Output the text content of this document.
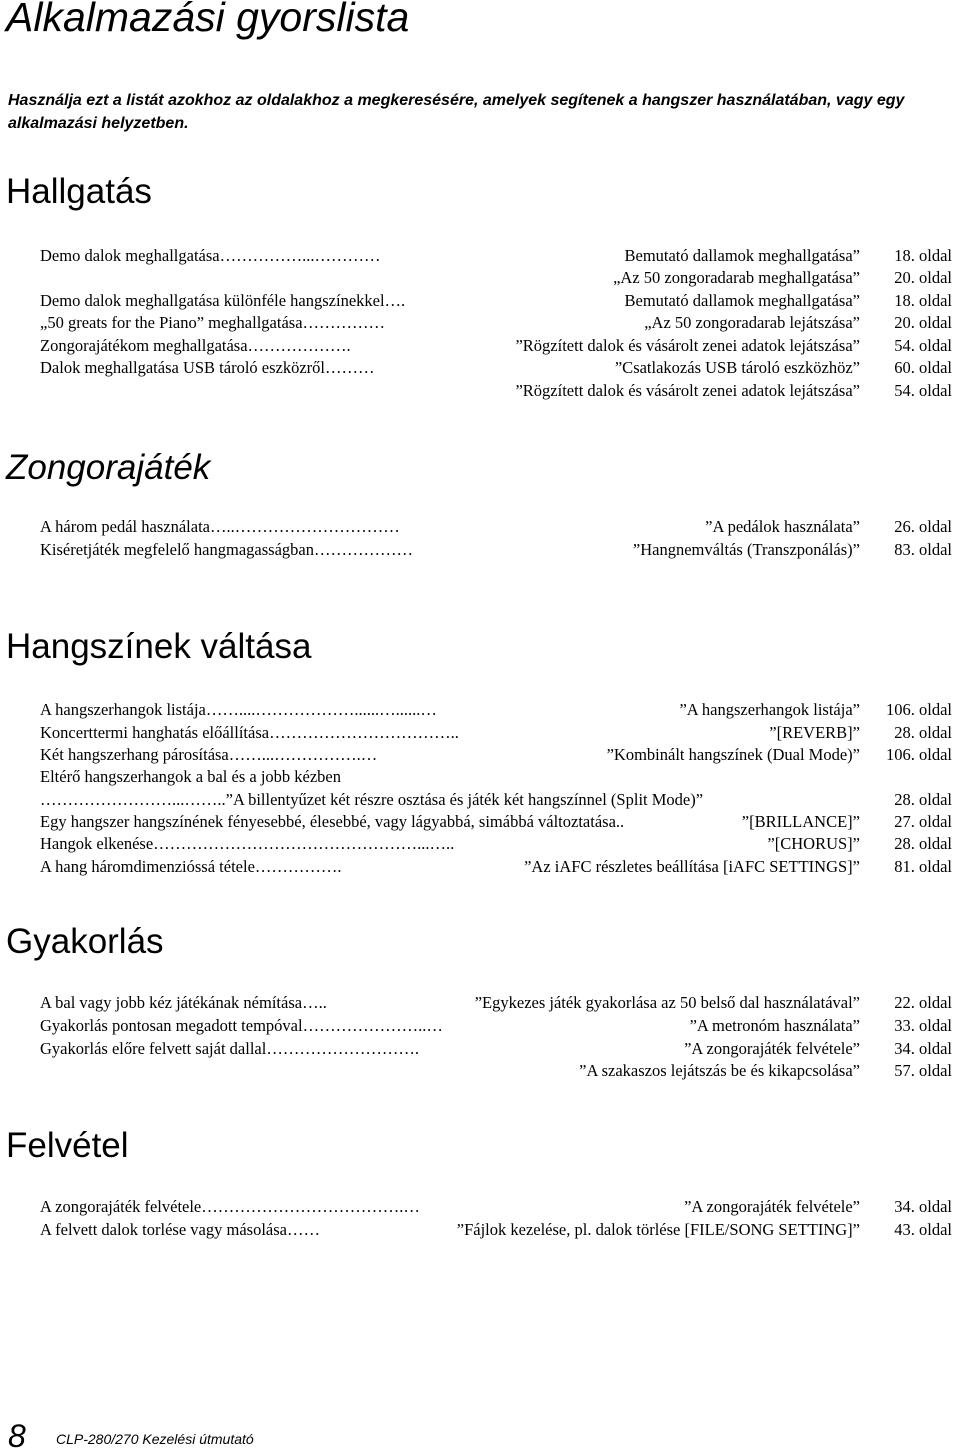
Alkalmazási gyorslista

Használja ezt a listát azokhoz az oldalakhoz a megkeresésére, amelyek segítenek a hangszer használatában, vagy egy alkalmazási helyzetben.

Hallgatás
Demo dalok meghallgatása……………...…………	Bemutató dallamok meghallgatása” 18. oldal
„Az 50 zongoradarab meghallgatása” 20. oldal
Demo dalok meghallgatása különféle hangszínekkel….	Bemutató dallamok meghallgatása” 18. oldal
„50 greats for the Piano” meghallgatása……………	„Az 50 zongoradarab lejátszása” 20. oldal
Zongorajátékom meghallgatása……………….	”Rögzített dalok és vásárolt zenei adatok lejátszása” 54. oldal
Dalok meghallgatása USB tároló eszközről………	”Csatlakozás USB tároló eszközhöz” 60. oldal
”Rögzített dalok és vásárolt zenei adatok lejátszása” 54. oldal
Zongorajáték
A három pedál használata…..…………………………	”A pedálok használata” 26. oldal
Kiséretjáték megfelelő hangmagasságban………………	”Hangnemváltás (Transzponálás)” 83. oldal
Hangszínek váltása
A hangszerhangok listája……....………………......…......…	”A hangszerhangok listája” 106. oldal
Koncerttermi hanghatás előállítása……………………………..	”[REVERB]” 28. oldal
Két hangszerhang párosítása……...…………….…	”Kombinált hangszínek (Dual Mode)” 106. oldal
Eltérő hangszerhangok a bal és a jobb kézben
……………………...……..”A billentyűzet két részre osztása és játék két hangszínnel (Split Mode)”	28. oldal
Egy hangszer hangszínének fényesebbé, élesebbé, vagy lágyabbá, simábbá változtatása..	”[BRILLANCE]” 27. oldal
Hangok elkenése…………………………………………...…..	”[CHORUS]” 28. oldal
A hang háromdimenzióssá tétele…………….	”Az iAFC részletes beállítása [iAFC SETTINGS]” 81. oldal
Gyakorlás
A bal vagy jobb kéz játékának némítása…..	”Egykezes játék gyakorlása az 50 belső dal használatával” 22. oldal
Gyakorlás pontosan megadott tempóval…………………..…	”A metronóm használata” 33. oldal
Gyakorlás előre felvett saját dallal……………………….	”A zongorajáték felvétele” 34. oldal
”A szakaszos lejátszás be és kikapcsolása” 57. oldal
Felvétel
A zongorajáték felvétele……………………………….…	”A zongorajáték felvétele” 34. oldal
A felvett dalok torlése vagy másolása……	”Fájlok kezelése, pl. dalok törlése [FILE/SONG SETTING]” 43. oldal
8 CLP-280/270 Kezelési útmutató
